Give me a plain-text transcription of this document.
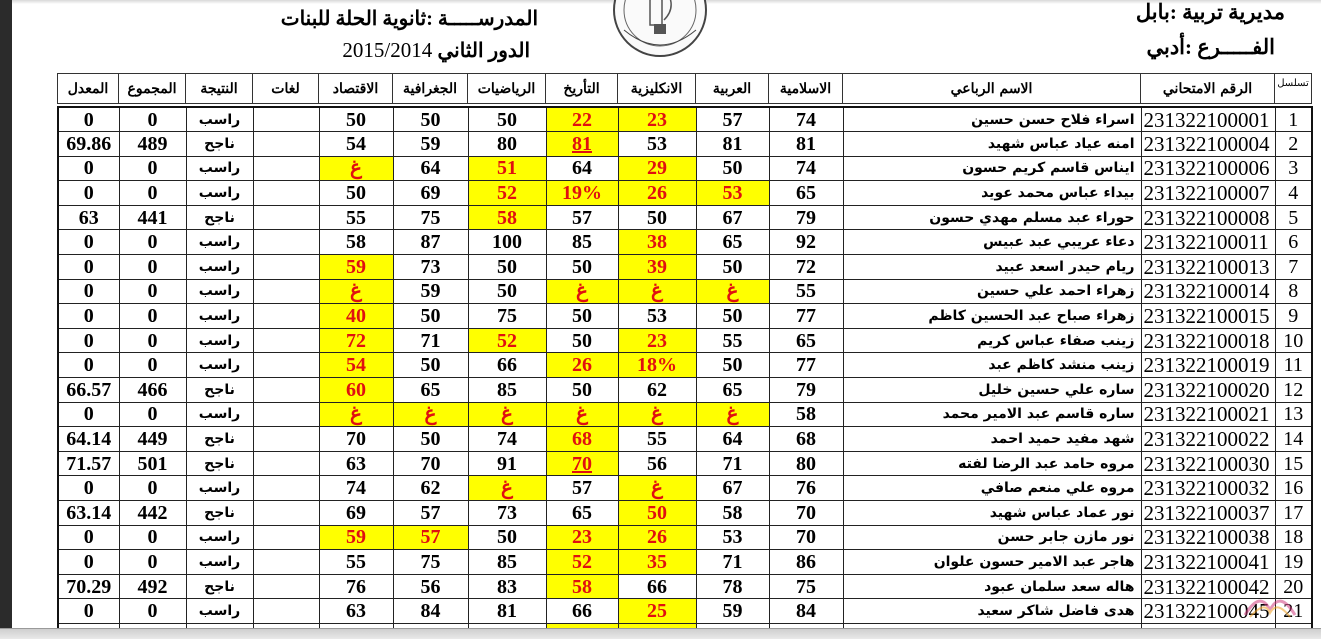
مديرية تربية :بابل
الفـــــرع :أدبي
المدرســـــة :ثانوية الحلة للبنات
الدور الثاني 2015/2014
المعدل	المجموع	النتيجة	لغات	الاقتصاد	الجغرافية	الرياضيات	التأريخ	الانكليزية	العربية	الاسلامية	الاسم الرباعي	الرقم الامتحاني	تسلسل
0	0	راسب		50	50	50	22	23	57	74	اسراء فلاح حسن حسين	231322100001	1
69.86	489	ناجح		54	59	80	81	53	81	81	امنه عياد عباس شهيد	231322100004	2
0	0	راسب		غ	64	51	64	29	50	74	ايناس قاسم كريم حسون	231322100006	3
0	0	راسب		50	69	52	19%	26	53	65	بيداء عباس محمد عويد	231322100007	4
63	441	ناجح		55	75	58	57	50	67	79	حوراء عبد مسلم مهدي حسون	231322100008	5
0	0	راسب		58	87	100	85	38	65	92	دعاء عريبي عبد عبيس	231322100011	6
0	0	راسب		59	73	50	50	39	50	72	ريام حيدر اسعد عبيد	231322100013	7
0	0	راسب		غ	59	50	غ	غ	غ	55	زهراء احمد علي حسين	231322100014	8
0	0	راسب		40	50	75	50	53	50	77	زهراء صباح عبد الحسين كاظم	231322100015	9
0	0	راسب		72	71	52	50	23	55	65	زينب صفاء عباس كريم	231322100018	10
0	0	راسب		54	50	66	26	18%	50	77	زينب منشد كاظم عبد	231322100019	11
66.57	466	ناجح		60	65	85	50	62	65	79	ساره علي حسين خليل	231322100020	12
0	0	راسب		غ	غ	غ	غ	غ	غ	58	ساره قاسم عبد الامير محمد	231322100021	13
64.14	449	ناجح		70	50	74	68	55	64	68	شهد مفيد حميد احمد	231322100022	14
71.57	501	ناجح		63	70	91	70	56	71	80	مروه حامد عبد الرضا لفته	231322100030	15
0	0	راسب		74	62	غ	57	غ	67	76	مروه علي منعم صافي	231322100032	16
63.14	442	ناجح		69	57	73	65	50	58	70	نور عماد عباس شهيد	231322100037	17
0	0	راسب		59	57	50	23	26	53	70	نور مازن جابر حسن	231322100038	18
0	0	راسب		55	75	85	52	35	71	86	هاجر عبد الامير حسون علوان	231322100041	19
70.29	492	ناجح		76	56	83	58	66	78	75	هاله سعد سلمان عبود	231322100042	20
0	0	راسب		63	84	81	66	25	59	84	هدى فاضل شاكر سعيد	231322100045	21
